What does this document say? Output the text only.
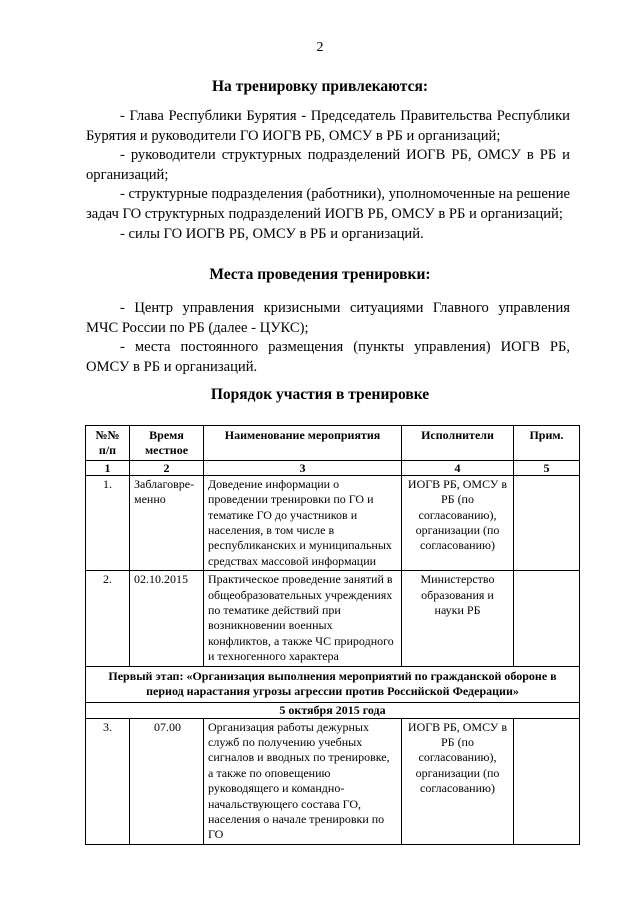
2
На тренировку привлекаются:

- Глава Республики Бурятия - Председатель Правительства Республики Бурятия и руководители ГО ИОГВ РБ, ОМСУ в РБ и организаций;

- руководители структурных подразделений ИОГВ РБ, ОМСУ в РБ и организаций;

- структурные подразделения (работники), уполномоченные на решение задач ГО структурных подразделений ИОГВ РБ, ОМСУ в РБ и организаций;

- силы ГО ИОГВ РБ, ОМСУ в РБ и организаций.

Места проведения тренировки:

- Центр управления кризисными ситуациями Главного управления МЧС России по РБ (далее - ЦУКС);

- места постоянного размещения (пункты управления) ИОГВ РБ, ОМСУ в РБ и организаций.

Порядок участия в тренировке
№№ п/п	Время местное	Наименование мероприятия	Исполнители	Прим.
1	2	3	4	5
1.	Заблаговре-менно	Доведение информации о проведении тренировки по ГО и тематике ГО до участников и населения, в том числе в республиканских и муниципальных средствах массовой информации	ИОГВ РБ, ОМСУ в РБ (по согласованию), организации (по согласованию)	
2.	02.10.2015	Практическое проведение занятий в общеобразовательных учреждениях по тематике действий при возникновении военных конфликтов, а также ЧС природного и техногенного характера	Министерство образования и науки РБ	
Первый этап: «Организация выполнения мероприятий по гражданской обороне в период нарастания угрозы агрессии против Российской Федерации»				
5 октября 2015 года				
3.	07.00	Организация работы дежурных служб по получению учебных сигналов и вводных по тренировке, а также по оповещению руководящего и командно-начальствующего состава ГО, населения о начале тренировки по ГО	ИОГВ РБ, ОМСУ в РБ (по согласованию), организации (по согласованию)	
